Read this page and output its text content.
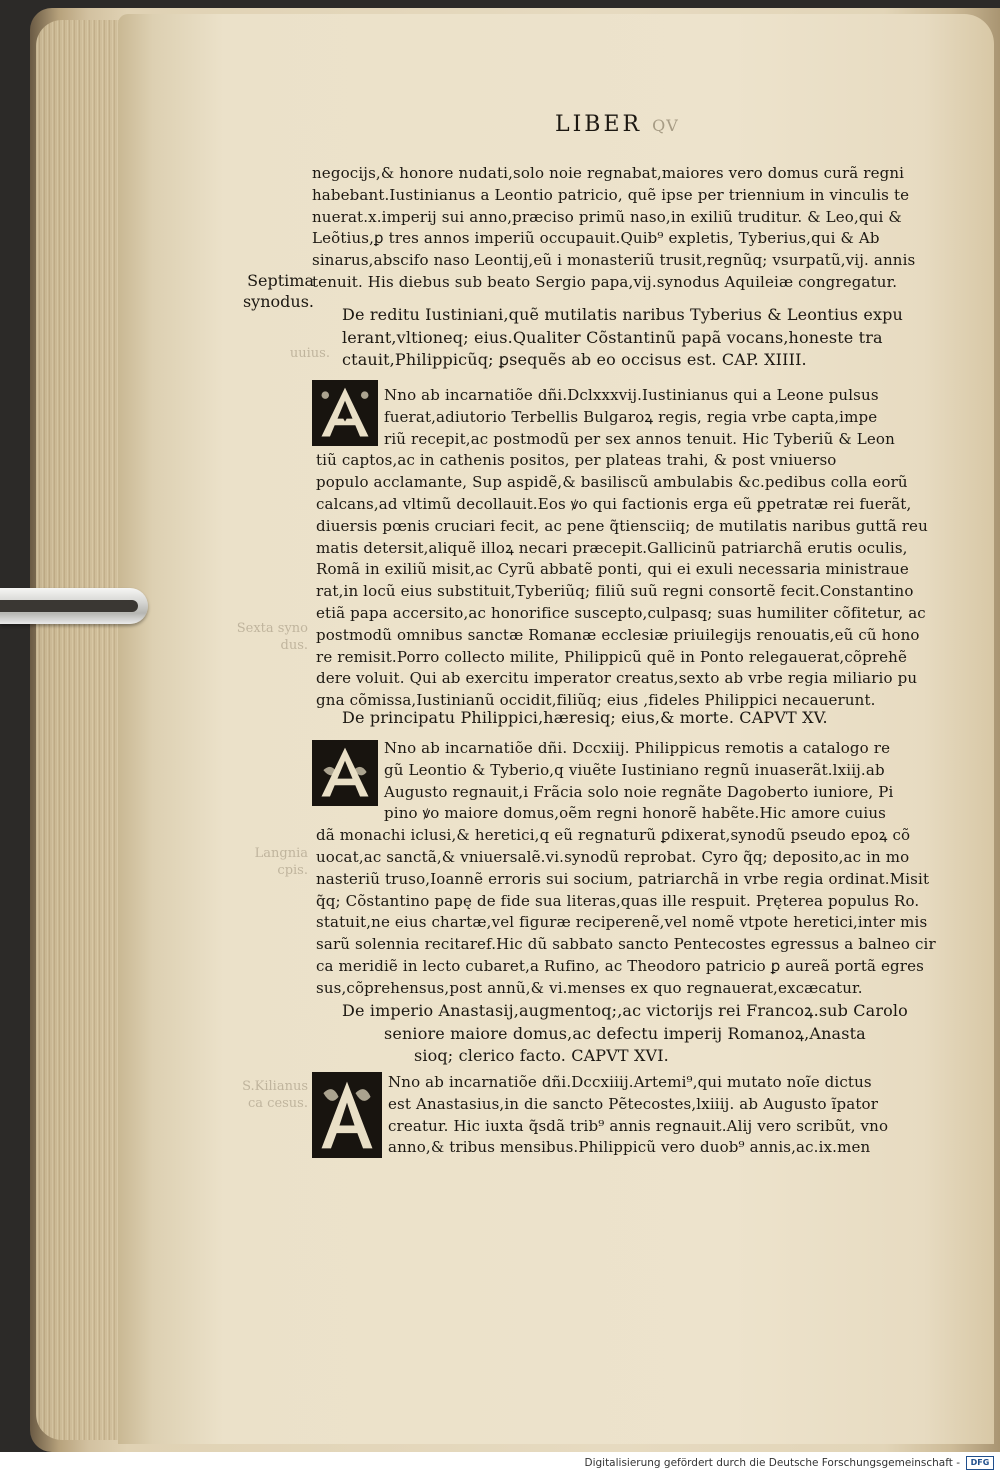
uuius.
Sexta syno
dus.
Langnia
cpis.
S.Kilianus
ca cesus.
LIBER QV
Septima
synodus.
negocijs,& honore nudati,solo noie regnabat,maiores vero domus curã regni
habebant.Iustinianus a Leontio patricio, quẽ ipse per triennium in vinculis te
nuerat.x.imperij sui anno,præciso primũ naso,in exiliũ truditur. & Leo,qui &
Leõtius,ꝑ tres annos imperiũ occupauit.Quib⁹ expletis, Tyberius,qui & Ab
sinarus,abscifo naso Leontij,eũ i monasteriũ trusit,regnũq; vsurpatũ,vij. annis
tenuit. His diebus sub beato Sergio papa,vij.synodus Aquileiæ congregatur.
De reditu Iustiniani,quẽ mutilatis naribus Tyberius & Leontius expu
lerant,vltioneq; eius.Qualiter Cõstantinũ papã vocans,honeste tra
ctauit,Philippicũq; ꝑsequẽs ab eo occisus est. CAP. XIIII.
Nno ab incarnatiõe dñi.Dclxxxvij.Iustinianus qui a Leone pulsus
fuerat,adiutorio Terbellis Bulgaroꝝ regis, regia vrbe capta,impe
riũ recepit,ac postmodũ per sex annos tenuit. Hic Tyberiũ & Leon
tiũ captos,ac in cathenis positos, per plateas trahi, & post vniuerso
populo acclamante, Sup aspidẽ,& basiliscũ ambulabis &c.pedibus colla eorũ
calcans,ad vltimũ decollauit.Eos ꝟo qui factionis erga eũ ꝑpetratæ rei fuerãt,
diuersis pœnis cruciari fecit, ac pene q̃tiensciiq; de mutilatis naribus guttã reu
matis detersit,aliquẽ illoꝝ necari præcepit.Gallicinũ patriarchã erutis oculis,
Romã in exiliũ misit,ac Cyrũ abbatẽ ponti, qui ei exuli necessaria ministraue
rat,in locũ eius substituit,Tyberiũq; filiũ suũ regni consortẽ fecit.Constantino
etiã papa accersito,ac honorifice suscepto,culpasq; suas humiliter cõfitetur, ac
postmodũ omnibus sanctæ Romanæ ecclesiæ priuilegijs renouatis,eũ cũ hono
re remisit.Porro collecto milite, Philippicũ quẽ in Ponto relegauerat,cõprehẽ
dere voluit. Qui ab exercitu imperator creatus,sexto ab vrbe regia miliario pu
gna cõmissa,Iustinianũ occidit,filiũq; eius ,fideles Philippici necauerunt.
De principatu Philippici,hæresiq; eius,& morte. CAPVT XV.
Nno ab incarnatiõe dñi. Dccxiij. Philippicus remotis a catalogo re
gũ Leontio & Tyberio,q viuẽte Iustiniano regnũ inuaserãt.lxiij.ab
Augusto regnauit,i Frãcia solo noie regnãte Dagoberto iuniore, Pi
pino ꝟo maiore domus,oẽm regni honorẽ habẽte.Hic amore cuius
dã monachi iclusi,& heretici,q eũ regnaturũ ꝑdixerat,synodũ pseudo epoꝝ cõ
uocat,ac sanctã,& vniuersalẽ.vi.synodũ reprobat. Cyro q̃q; deposito,ac in mo
nasteriũ truso,Ioannẽ erroris sui socium, patriarchã in vrbe regia ordinat.Misit
q̃q; Cõstantino papę de fide sua literas,quas ille respuit. Pręterea populus Ro.
statuit,ne eius chartæ,vel figuræ reciperenẽ,vel nomẽ vtpote heretici,inter mis
sarũ solennia recitaref.Hic dũ sabbato sancto Pentecostes egressus a balneo cir
ca meridiẽ in lecto cubaret,a Rufino, ac Theodoro patricio ꝑ aureã portã egres
sus,cõprehensus,post annũ,& vi.menses ex quo regnauerat,excæcatur.
De imperio Anastasij,augmentoq;,ac victorijs rei Francoꝝ.sub Carolo
seniore maiore domus,ac defectu imperij Romanoꝝ,Anasta
sioq; clerico facto. CAPVT XVI.
Nno ab incarnatiõe dñi.Dccxiiij.Artemi⁹,qui mutato noĩe dictus
est Anastasius,in die sancto Pẽtecostes,lxiiij. ab Augusto ĩpator
creatur. Hic iuxta q̃sdã trib⁹ annis regnauit.Alij vero scribũt, vno
anno,& tribus mensibus.Philippicũ vero duob⁹ annis,ac.ix.men
Digitalisierung gefördert durch die Deutsche Forschungsgemeinschaft -	DFG
